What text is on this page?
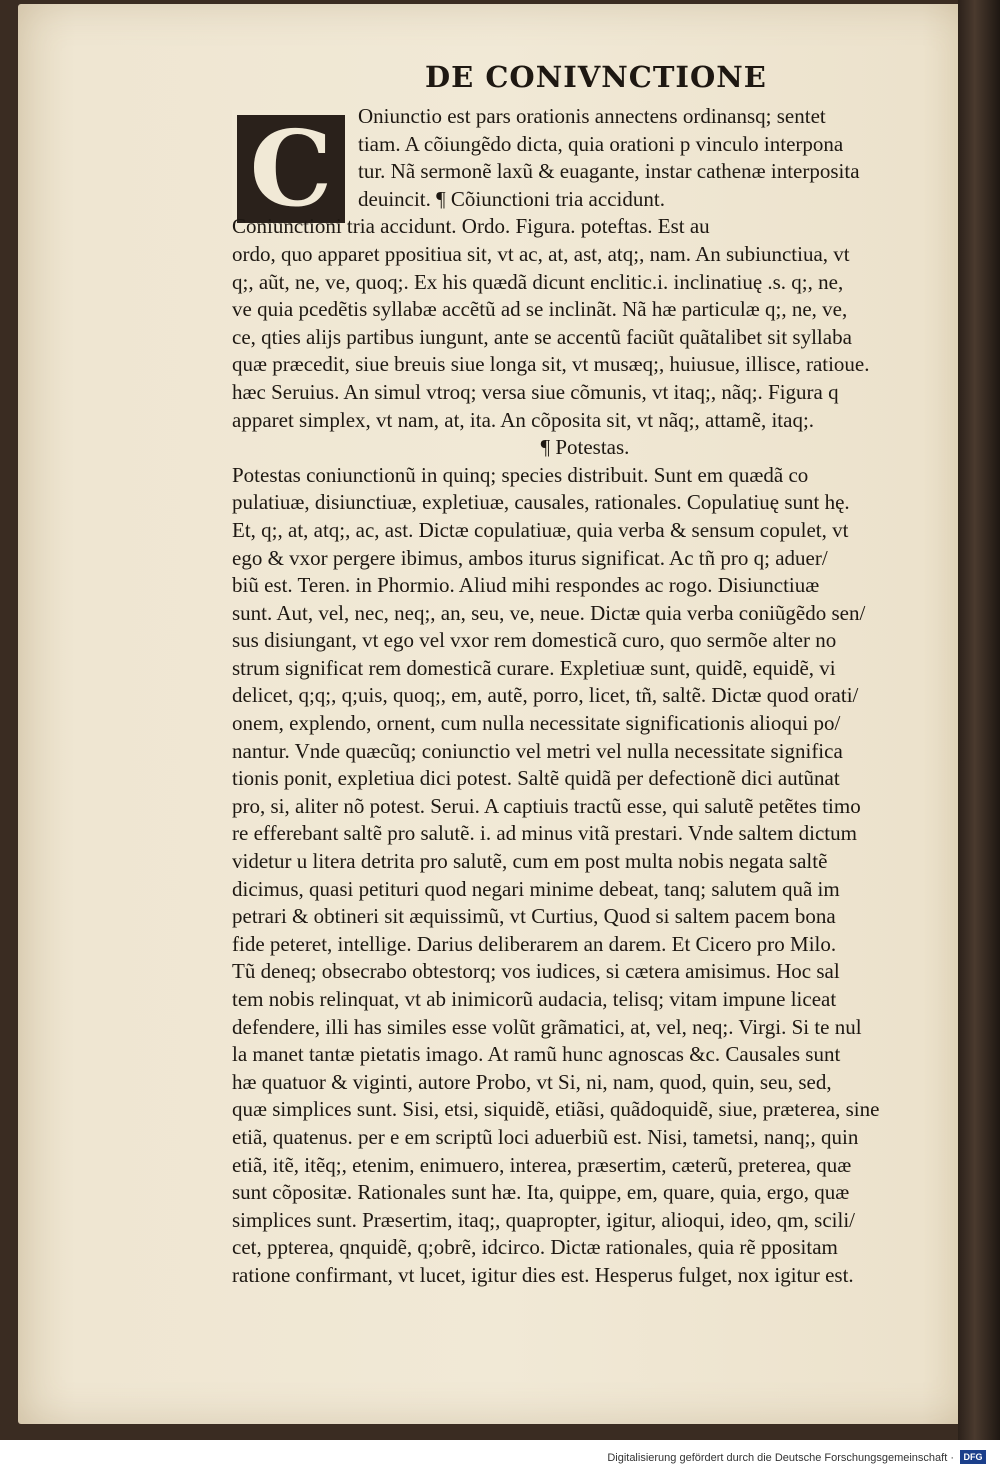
DE CONIVNCTIONE
C	Oniunctio est pars orationis annectens ordinansq; sentet
tiam. A cõiungẽdo dicta, quia orationi p vinculo interpona
tur. Nã sermonẽ laxũ & euagante, instar cathenæ interposita
deuincit. ¶ Cõiunctioni tria accidunt.
Coniunctioni tria accidunt. Ordo. Figura. poteftas. Est au
ordo, quo apparet ppositiua sit, vt ac, at, ast, atq;, nam. An subiunctiua, vt
q;, aũt, ne, ve, quoq;. Ex his quædã dicunt enclitic.i. inclinatiuę .s. q;, ne,
ve quia pcedẽtis syllabæ accẽtũ ad se inclinãt. Nã hæ particulæ q;, ne, ve,
ce, qties alijs partibus iungunt, ante se accentũ faciũt quãtalibet sit syllaba
quæ præcedit, siue breuis siue longa sit, vt musæq;, huiusue, illisce, ratioue.
hæc Seruius. An simul vtroq; versa siue cõmunis, vt itaq;, nãq;. Figura q
apparet simplex, vt nam, at, ita. An cõposita sit, vt nãq;, attamẽ, itaq;.
¶ Potestas.
Potestas coniunctionũ in quinq; species distribuit. Sunt em quædã co
pulatiuæ, disiunctiuæ, expletiuæ, causales, rationales. Copulatiuę sunt hę.
Et, q;, at, atq;, ac, ast. Dictæ copulatiuæ, quia verba & sensum copulet, vt
ego & vxor pergere ibimus, ambos iturus significat. Ac tñ pro q; aduer/
biũ est. Teren. in Phormio. Aliud mihi respondes ac rogo. Disiunctiuæ
sunt. Aut, vel, nec, neq;, an, seu, ve, neue. Dictæ quia verba coniũgẽdo sen/
sus disiungant, vt ego vel vxor rem domesticã curo, quo sermõe alter no
strum significat rem domesticã curare. Expletiuæ sunt, quidẽ, equidẽ, vi
delicet, q;q;, q;uis, quoq;, em, autẽ, porro, licet, tñ, saltẽ. Dictæ quod orati/
onem, explendo, ornent, cum nulla necessitate significationis alioqui po/
nantur. Vnde quæcũq; coniunctio vel metri vel nulla necessitate significa
tionis ponit, expletiua dici potest. Saltẽ quidã per defectionẽ dici autũnat
pro, si, aliter nõ potest. Serui. A captiuis tractũ esse, qui salutẽ petẽtes timo
re efferebant saltẽ pro salutẽ. i. ad minus vitã prestari. Vnde saltem dictum
videtur u litera detrita pro salutẽ, cum em post multa nobis negata saltẽ
dicimus, quasi petituri quod negari minime debeat, tanq; salutem quã im
petrari & obtineri sit æquissimũ, vt Curtius, Quod si saltem pacem bona
fide peteret, intellige. Darius deliberarem an darem. Et Cicero pro Milo.
Tũ deneq; obsecrabo obtestorq; vos iudices, si cætera amisimus. Hoc sal
tem nobis relinquat, vt ab inimicorũ audacia, telisq; vitam impune liceat
defendere, illi has similes esse volũt grãmatici, at, vel, neq;. Virgi. Si te nul
la manet tantæ pietatis imago. At ramũ hunc agnoscas &c. Causales sunt
hæ quatuor & viginti, autore Probo, vt Si, ni, nam, quod, quin, seu, sed,
quæ simplices sunt. Sisi, etsi, siquidẽ, etiãsi, quãdoquidẽ, siue, præterea, sine
etiã, quatenus. per e em scriptũ loci aduerbiũ est. Nisi, tametsi, nanq;, quin
etiã, itẽ, itẽq;, etenim, enimuero, interea, præsertim, cæterũ, preterea, quæ
sunt cõpositæ. Rationales sunt hæ. Ita, quippe, em, quare, quia, ergo, quæ
simplices sunt. Præsertim, itaq;, quapropter, igitur, alioqui, ideo, qm, scili/
cet, ppterea, qnquidẽ, q;obrẽ, idcirco. Dictæ rationales, quia rẽ ppositam
ratione confirmant, vt lucet, igitur dies est. Hesperus fulget, nox igitur est.
Digitalisierung gefördert durch die Deutsche Forschungsgemeinschaft ·	DFG
